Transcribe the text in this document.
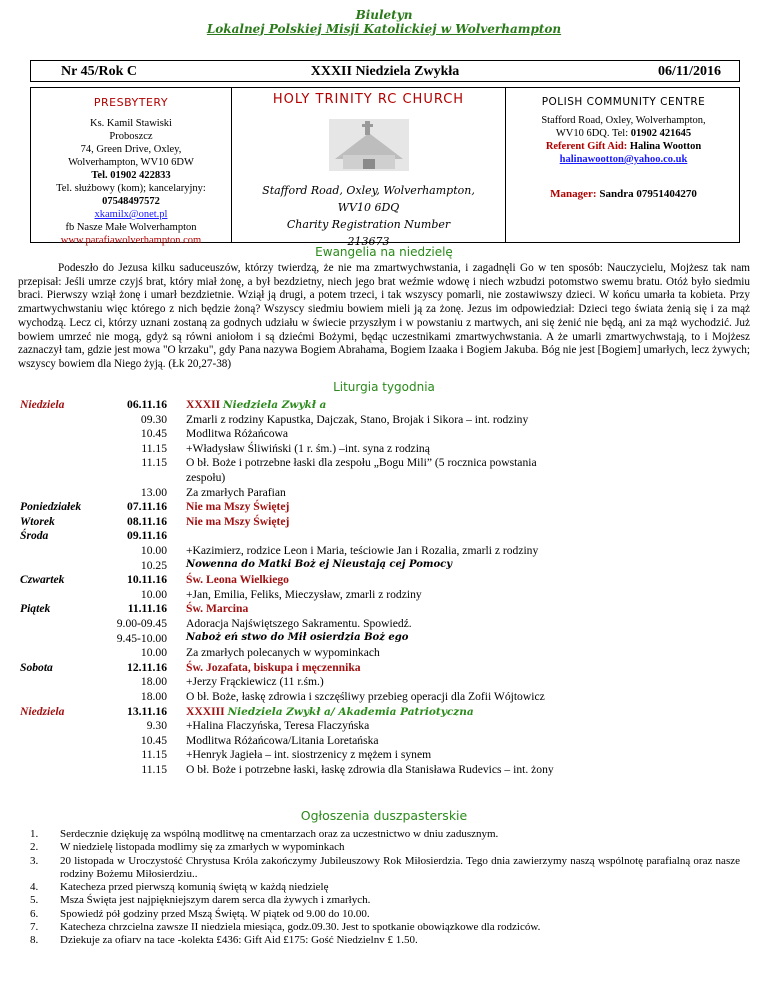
Biuletyn
Lokalnej Polskiej Misji Katolickiej w Wolverhampton
Nr 45/Rok C	XXXII Niedziela Zwykła	06/11/2016
PRESBYTERY
Ks. Kamil Stawiski
Proboszcz
74, Green Drive, Oxley,
Wolverhampton, WV10 6DW
Tel. 01902 422833
Tel. służbowy (kom); kancelaryjny:
07548497572
xkamilx@onet.pl
fb Nasze Małe Wolverhampton
www.parafiawolverhampton.com
HOLY TRINITY RC CHURCH
Stafford Road, Oxley, Wolverhampton,
WV10 6DQ
Charity Registration Number
213673
POLISH COMMUNITY CENTRE
Stafford Road, Oxley, Wolverhampton,
WV10 6DQ. Tel: 01902 421645
Referent Gift Aid: Halina Wootton
halinawootton@yahoo.co.uk
Manager: Sandra 07951404270
Ewangelia na niedzielę
Podeszło do Jezusa kilku saduceuszów, którzy twierdzą, że nie ma zmartwychwstania, i zagadnęli Go w ten sposób: Nauczycielu, Mojżesz tak nam przepisał: Jeśli umrze czyjś brat, który miał żonę, a był bezdzietny, niech jego brat weźmie wdowę i niech wzbudzi potomstwo swemu bratu. Otóż było siedmiu braci. Pierwszy wziął żonę i umarł bezdzietnie. Wziął ją drugi, a potem trzeci, i tak wszyscy pomarli, nie zostawiwszy dzieci. W końcu umarła ta kobieta. Przy zmartwychwstaniu więc którego z nich będzie żoną? Wszyscy siedmiu bowiem mieli ją za żonę. Jezus im odpowiedział: Dzieci tego świata żenią się i za mąż wychodzą. Lecz ci, którzy uznani zostaną za godnych udziału w świecie przyszłym i w powstaniu z martwych, ani się żenić nie będą, ani za mąż wychodzić. Już bowiem umrzeć nie mogą, gdyż są równi aniołom i są dziećmi Bożymi, będąc uczestnikami zmartwychwstania. A że umarli zmartwychwstają, to i Mojżesz zaznaczył tam, gdzie jest mowa "O krzaku", gdy Pana nazywa Bogiem Abrahama, Bogiem Izaaka i Bogiem Jakuba. Bóg nie jest [Bogiem] umarłych, lecz żywych; wszyscy bowiem dla Niego żyją. (Łk 20,27-38)
Liturgia tygodnia
Niedziela	06.11.16 XXXII Niedziela Zwykł a
09.30 Zmarli z rodziny Kapustka, Dajczak, Stano, Brojak i Sikora – int. rodziny
10.45 Modlitwa Różańcowa
11.15 +Władysław Śliwiński (1 r. śm.) –int. syna z rodziną
11.15 O bł. Boże i potrzebne łaski dla zespołu „Bogu Mili” (5 rocznica powstania
zespołu)
13.00 Za zmarłych Parafian
Poniedziałek	07.11.16 Nie ma Mszy Świętej
Wtorek	08.11.16 Nie ma Mszy Świętej
Środa	09.11.16
10.00 +Kazimierz, rodzice Leon i Maria, teściowie Jan i Rozalia, zmarli z rodziny
10.25 Nowenna do Matki Boż ej Nieustają cej Pomocy
Czwartek	10.11.16 Św. Leona Wielkiego
10.00 +Jan, Emilia, Feliks, Mieczysław, zmarli z rodziny
Piątek	11.11.16 Św. Marcina
9.00-09.45 Adoracja Najświętszego Sakramentu. Spowiedź.
9.45-10.00 Naboż eń stwo do Mił osierdzia Boż ego
10.00 Za zmarłych polecanych w wypominkach
Sobota	12.11.16 Św. Jozafata, biskupa i męczennika
18.00 +Jerzy Frąckiewicz (11 r.śm.)
18.00 O bł. Boże, łaskę zdrowia i szczęśliwy przebieg operacji dla Zofii Wójtowicz
Niedziela	13.11.16 XXXIII Niedziela Zwykł a/ Akademia Patriotyczna
9.30 +Halina Flaczyńska, Teresa Flaczyńska
10.45 Modlitwa Różańcowa/Litania Loretańska
11.15 +Henryk Jagieła – int. siostrzenicy z mężem i synem
11.15 O bł. Boże i potrzebne łaski, łaskę zdrowia dla Stanisława Rudevics – int. żony
Ogłoszenia duszpasterskie
1. Serdecznie dziękuję za wspólną modlitwę na cmentarzach oraz za uczestnictwo w dniu zadusznym.
2. W niedzielę listopada modlimy się za zmarłych w wypominkach
3. 20 listopada w Uroczystość Chrystusa Króla zakończymy Jubileuszowy Rok Miłosierdzia. Tego dnia zawierzymy naszą wspólnotę parafialną oraz nasze rodziny Bożemu Miłosierdziu..
4. Katecheza przed pierwszą komunią świętą w każdą niedzielę
5. Msza Święta jest najpiękniejszym darem serca dla żywych i zmarłych.
6. Spowiedź pół godziny przed Mszą Świętą. W piątek od 9.00 do 10.00.
7. Katecheza chrzcielna zawsze II niedziela miesiąca, godz.09.30. Jest to spotkanie obowiązkowe dla rodziców.
8. Dziekuje za ofiarv na tace -kolekta £436: Gift Aid £175: Gość Niedzielnv £ 1.50.
